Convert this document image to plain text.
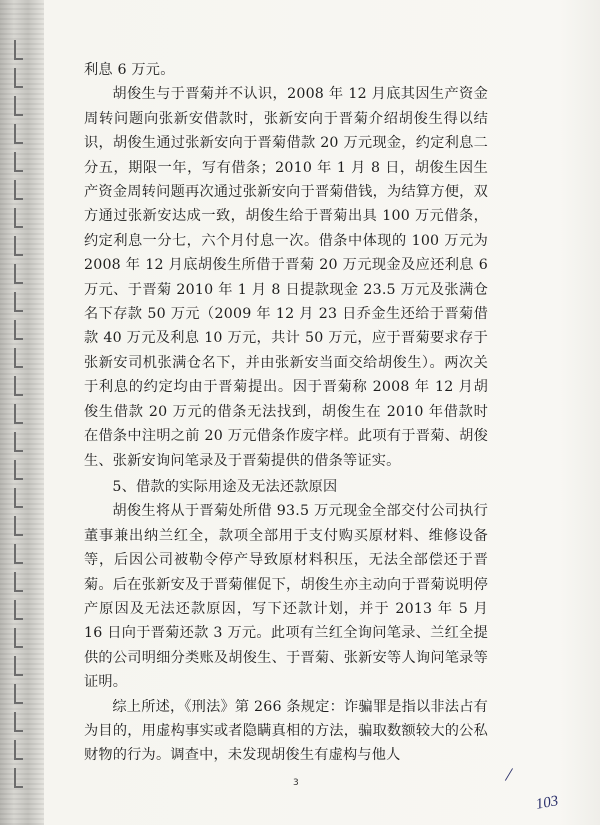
利息 6 万元。

胡俊生与于晋菊并不认识，2008 年 12 月底其因生产资金周转问题向张新安借款时，张新安向于晋菊介绍胡俊生得以结识，胡俊生通过张新安向于晋菊借款 20 万元现金，约定利息二分五，期限一年，写有借条；2010 年 1 月 8 日，胡俊生因生产资金周转问题再次通过张新安向于晋菊借钱，为结算方便，双方通过张新安达成一致，胡俊生给于晋菊出具 100 万元借条，约定利息一分七，六个月付息一次。借条中体现的 100 万元为 2008 年 12 月底胡俊生所借于晋菊 20 万元现金及应还利息 6 万元、于晋菊 2010 年 1 月 8 日提款现金 23.5 万元及张满仓名下存款 50 万元（2009 年 12 月 23 日乔金生还给于晋菊借款 40 万元及利息 10 万元，共计 50 万元，应于晋菊要求存于张新安司机张满仓名下，并由张新安当面交给胡俊生）。两次关于利息的约定均由于晋菊提出。因于晋菊称 2008 年 12 月胡俊生借款 20 万元的借条无法找到，胡俊生在 2010 年借款时在借条中注明之前 20 万元借条作废字样。此项有于晋菊、胡俊生、张新安询问笔录及于晋菊提供的借条等证实。

5、借款的实际用途及无法还款原因

胡俊生将从于晋菊处所借 93.5 万元现金全部交付公司执行董事兼出纳兰红全，款项全部用于支付购买原材料、维修设备等，后因公司被勒令停产导致原材料积压，无法全部偿还于晋菊。后在张新安及于晋菊催促下，胡俊生亦主动向于晋菊说明停产原因及无法还款原因，写下还款计划，并于 2013 年 5 月 16 日向于晋菊还款 3 万元。此项有兰红全询问笔录、兰红全提供的公司明细分类账及胡俊生、于晋菊、张新安等人询问笔录等证明。

综上所述，《刑法》第 266 条规定：诈骗罪是指以非法占有为目的，用虚构事实或者隐瞒真相的方法，骗取数额较大的公私财物的行为。调查中，未发现胡俊生有虚构与他人

/
3
103
